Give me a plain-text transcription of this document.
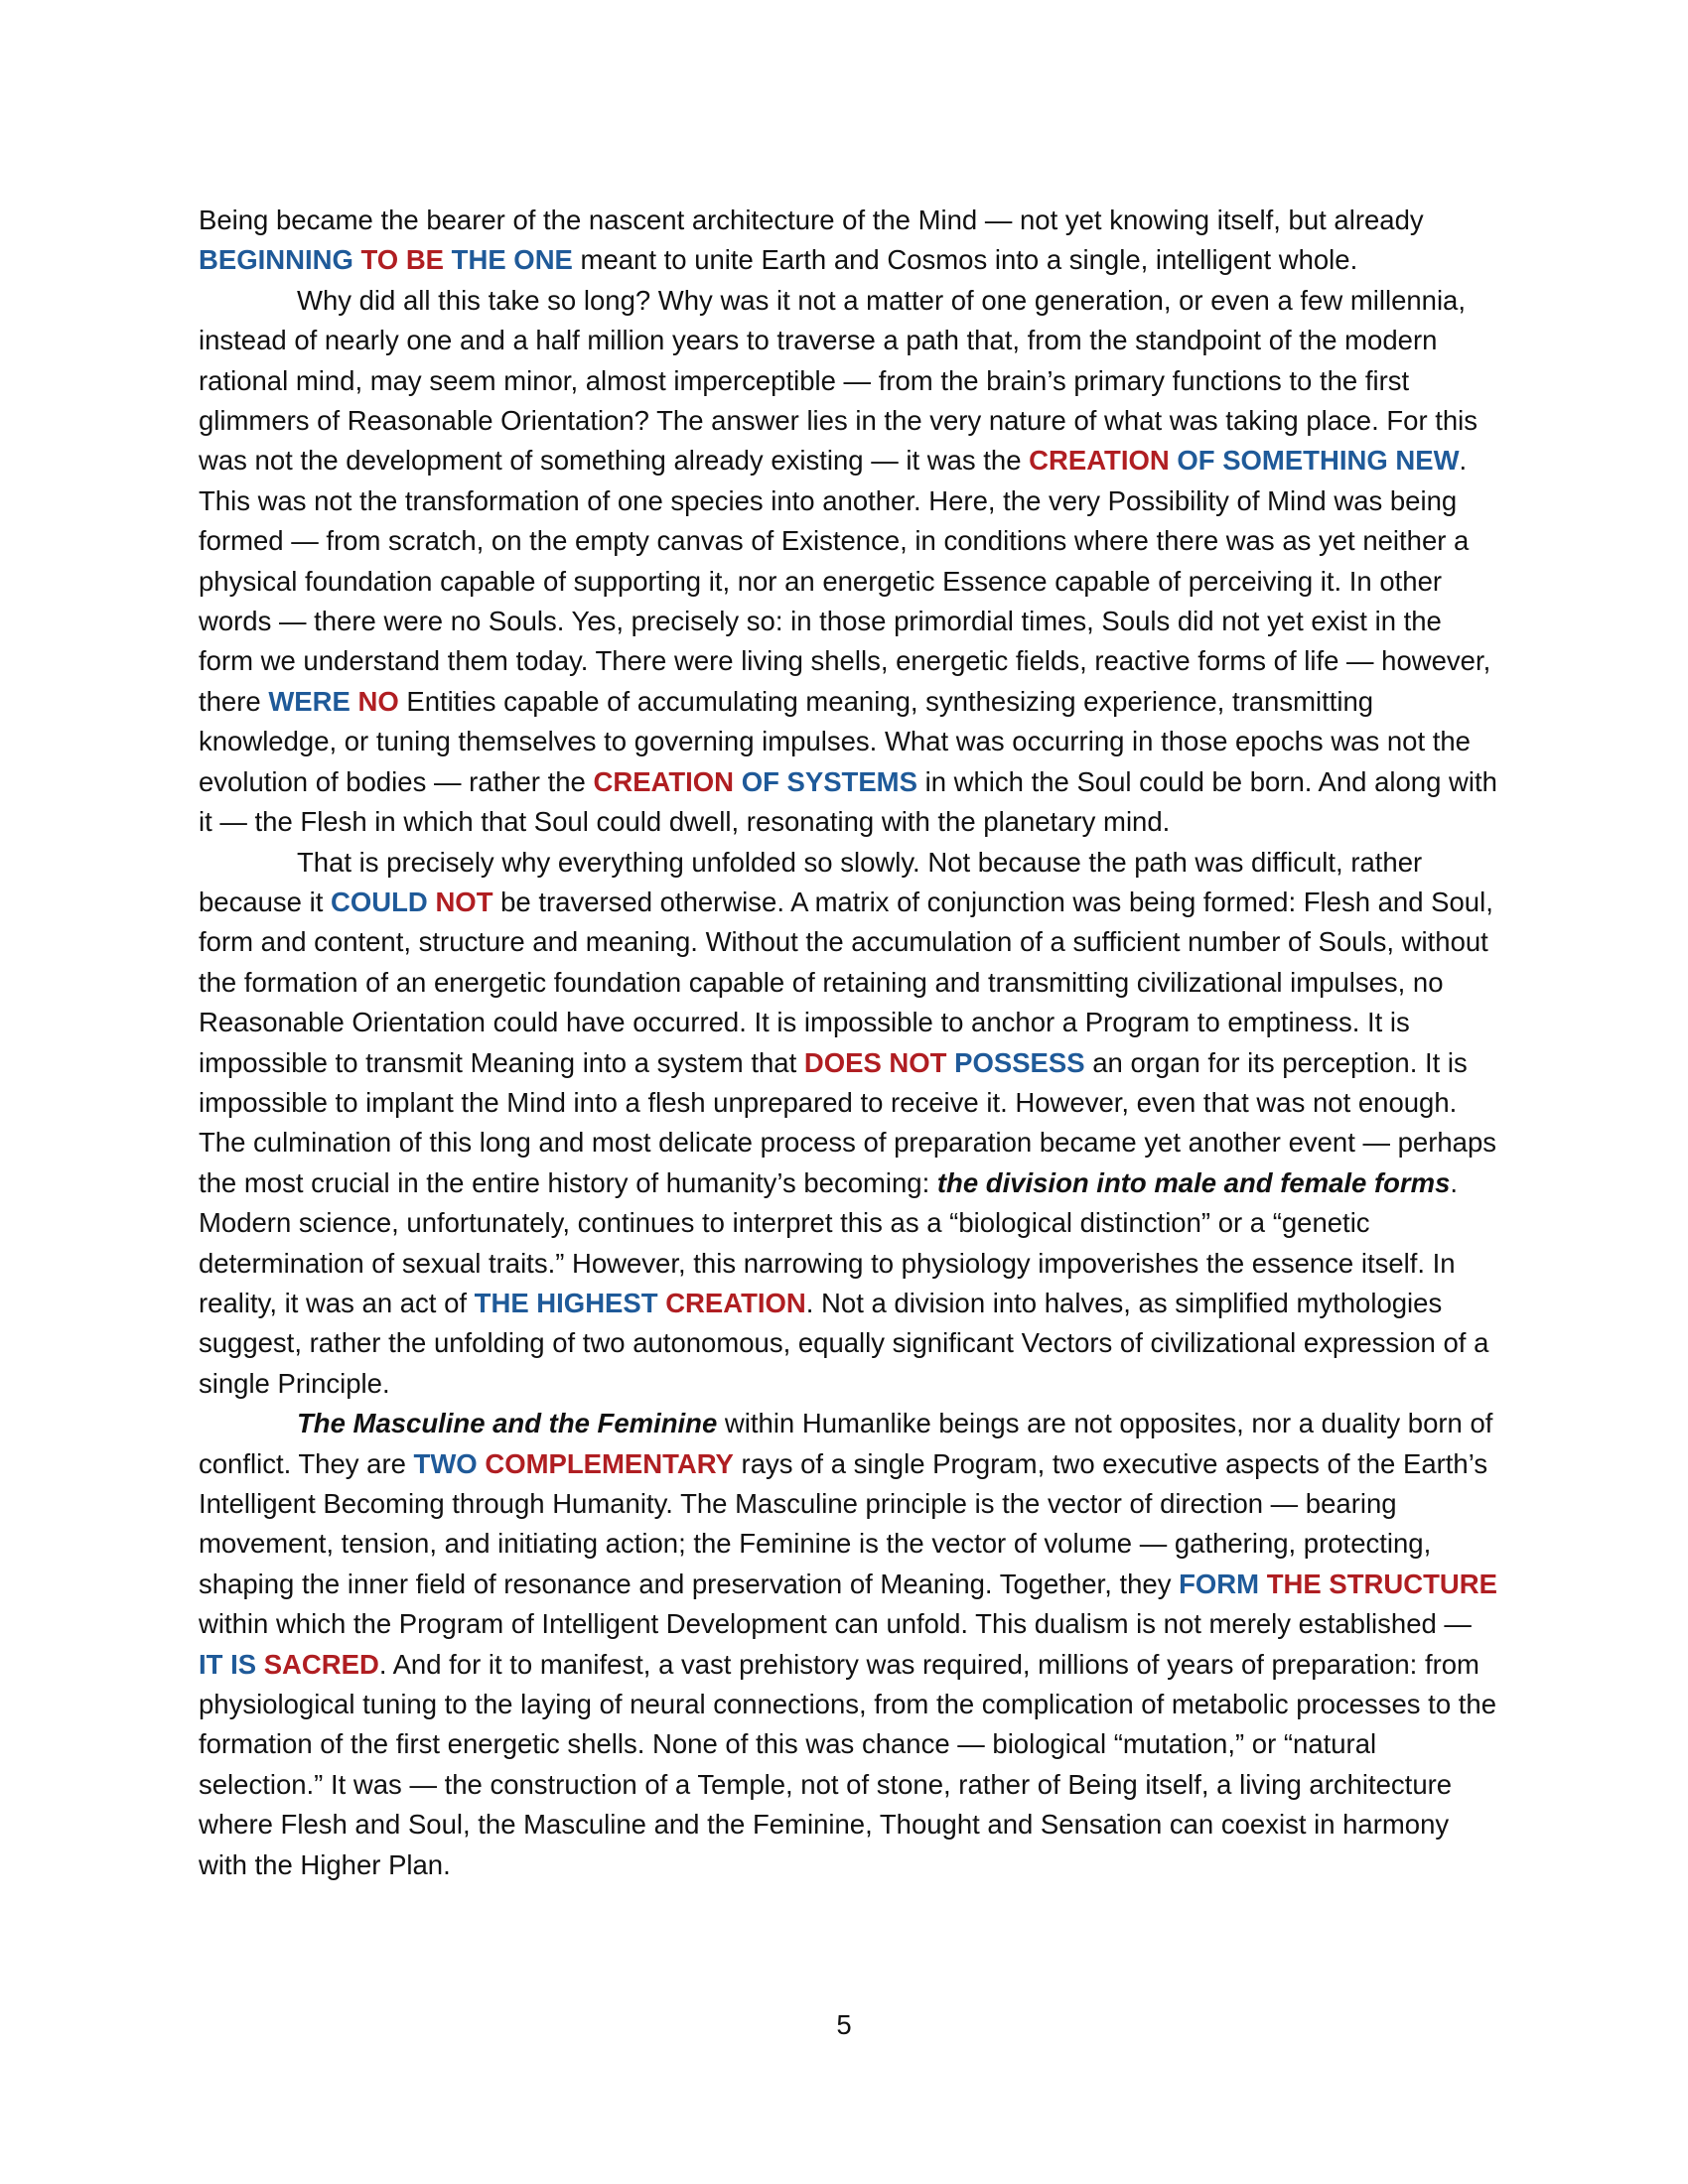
Being became the bearer of the nascent architecture of the Mind — not yet knowing itself, but already BEGINNING TO BE THE ONE meant to unite Earth and Cosmos into a single, intelligent whole.

Why did all this take so long? Why was it not a matter of one generation, or even a few millennia, instead of nearly one and a half million years to traverse a path that, from the standpoint of the modern rational mind, may seem minor, almost imperceptible — from the brain’s primary functions to the first glimmers of Reasonable Orientation? The answer lies in the very nature of what was taking place. For this was not the development of something already existing — it was the CREATION OF SOMETHING NEW. This was not the transformation of one species into another. Here, the very Possibility of Mind was being formed — from scratch, on the empty canvas of Existence, in conditions where there was as yet neither a physical foundation capable of supporting it, nor an energetic Essence capable of perceiving it. In other words — there were no Souls. Yes, precisely so: in those primordial times, Souls did not yet exist in the form we understand them today. There were living shells, energetic fields, reactive forms of life — however, there WERE NO Entities capable of accumulating meaning, synthesizing experience, transmitting knowledge, or tuning themselves to governing impulses. What was occurring in those epochs was not the evolution of bodies — rather the CREATION OF SYSTEMS in which the Soul could be born. And along with it — the Flesh in which that Soul could dwell, resonating with the planetary mind.

That is precisely why everything unfolded so slowly. Not because the path was difficult, rather because it COULD NOT be traversed otherwise. A matrix of conjunction was being formed: Flesh and Soul, form and content, structure and meaning. Without the accumulation of a sufficient number of Souls, without the formation of an energetic foundation capable of retaining and transmitting civilizational impulses, no Reasonable Orientation could have occurred. It is impossible to anchor a Program to emptiness. It is impossible to transmit Meaning into a system that DOES NOT POSSESS an organ for its perception. It is impossible to implant the Mind into a flesh unprepared to receive it. However, even that was not enough. The culmination of this long and most delicate process of preparation became yet another event — perhaps the most crucial in the entire history of humanity’s becoming: the division into male and female forms. Modern science, unfortunately, continues to interpret this as a “biological distinction” or a “genetic determination of sexual traits.” However, this narrowing to physiology impoverishes the essence itself. In reality, it was an act of THE HIGHEST CREATION. Not a division into halves, as simplified mythologies suggest, rather the unfolding of two autonomous, equally significant Vectors of civilizational expression of a single Principle.

The Masculine and the Feminine within Humanlike beings are not opposites, nor a duality born of conflict. They are TWO COMPLEMENTARY rays of a single Program, two executive aspects of the Earth’s Intelligent Becoming through Humanity. The Masculine principle is the vector of direction — bearing movement, tension, and initiating action; the Feminine is the vector of volume — gathering, protecting, shaping the inner field of resonance and preservation of Meaning. Together, they FORM THE STRUCTURE within which the Program of Intelligent Development can unfold. This dualism is not merely established — IT IS SACRED. And for it to manifest, a vast prehistory was required, millions of years of preparation: from physiological tuning to the laying of neural connections, from the complication of metabolic processes to the formation of the first energetic shells. None of this was chance — biological “mutation,” or “natural selection.” It was — the construction of a Temple, not of stone, rather of Being itself, a living architecture where Flesh and Soul, the Masculine and the Feminine, Thought and Sensation can coexist in harmony with the Higher Plan.

5
